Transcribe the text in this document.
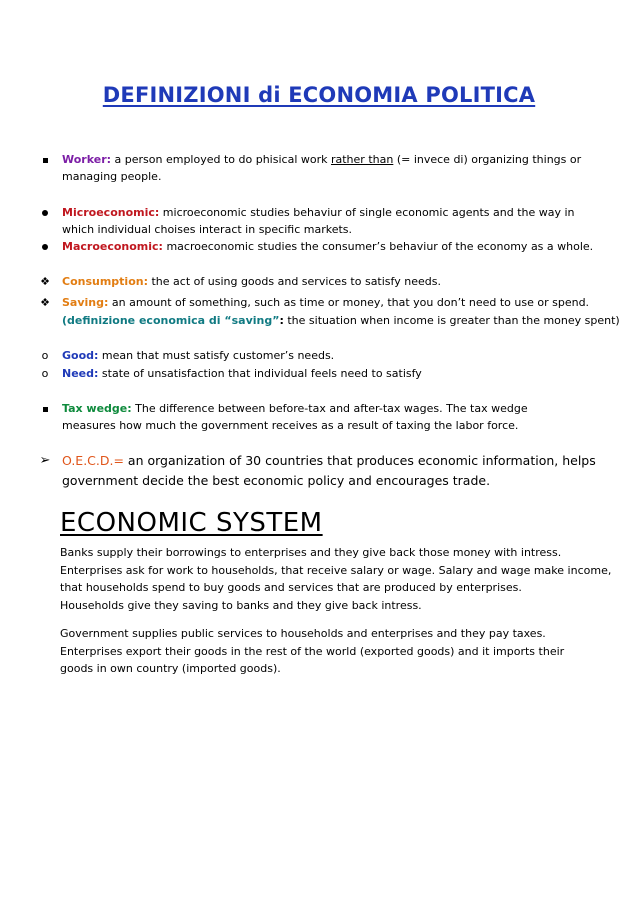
DEFINIZIONI di ECONOMIA POLITICA
Worker: a person employed to do phisical work rather than (= invece di) organizing things or
managing people.
Microeconomic: microeconomic studies behaviur of single economic agents and the way in
which individual choises interact in specific markets.
Macroeconomic: macroeconomic studies the consumer’s behaviur of the economy as a whole.
❖ Consumption: the act of using goods and services to satisfy needs.
❖ Saving: an amount of something, such as time or money, that you don’t need to use or spend.
(definizione economica di “saving”: the situation when income is greater than the money spent)
o	Good: mean that must satisfy customer’s needs.
o	Need: state of unsatisfaction that individual feels need to satisfy
Tax wedge: The difference between before-tax and after-tax wages. The tax wedge
measures how much the government receives as a result of taxing the labor force.
➢ O.E.C.D.= an organization of 30 countries that produces economic information, helps
government decide the best economic policy and encourages trade.
ECONOMIC SYSTEM
Banks supply their borrowings to enterprises and they give back those money with intress.
Enterprises ask for work to households, that receive salary or wage. Salary and wage make income,
that households spend to buy goods and services that are produced by enterprises.
Households give they saving to banks and they give back intress.
Government supplies public services to households and enterprises and they pay taxes.
Enterprises export their goods in the rest of the world (exported goods) and it imports their
goods in own country (imported goods).
